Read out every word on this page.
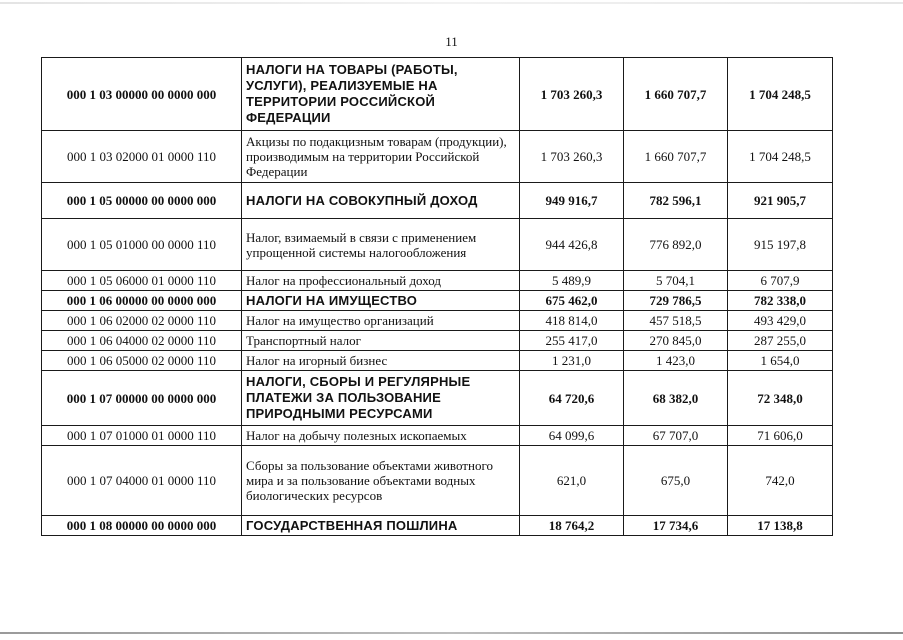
11
000 1 03 00000 00 0000 000	НАЛОГИ НА ТОВАРЫ (РАБОТЫ, УСЛУГИ), РЕАЛИЗУЕМЫЕ НА ТЕРРИТОРИИ РОССИЙСКОЙ ФЕДЕРАЦИИ	1 703 260,3	1 660 707,7	1 704 248,5
000 1 03 02000 01 0000 110	Акцизы по подакцизным товарам (продукции), производимым на территории Российской Федерации	1 703 260,3	1 660 707,7	1 704 248,5
000 1 05 00000 00 0000 000	НАЛОГИ НА СОВОКУПНЫЙ ДОХОД	949 916,7	782 596,1	921 905,7
000 1 05 01000 00 0000 110	Налог, взимаемый в связи с применением упрощенной системы налогообложения	944 426,8	776 892,0	915 197,8
000 1 05 06000 01 0000 110	Налог на профессиональный доход	5 489,9	5 704,1	6 707,9
000 1 06 00000 00 0000 000	НАЛОГИ НА ИМУЩЕСТВО	675 462,0	729 786,5	782 338,0
000 1 06 02000 02 0000 110	Налог на имущество организаций	418 814,0	457 518,5	493 429,0
000 1 06 04000 02 0000 110	Транспортный налог	255 417,0	270 845,0	287 255,0
000 1 06 05000 02 0000 110	Налог на игорный бизнес	1 231,0	1 423,0	1 654,0
000 1 07 00000 00 0000 000	НАЛОГИ, СБОРЫ И РЕГУЛЯРНЫЕ ПЛАТЕЖИ ЗА ПОЛЬЗОВАНИЕ ПРИРОДНЫМИ РЕСУРСАМИ	64 720,6	68 382,0	72 348,0
000 1 07 01000 01 0000 110	Налог на добычу полезных ископаемых	64 099,6	67 707,0	71 606,0
000 1 07 04000 01 0000 110	Сборы за пользование объектами животного мира и за пользование объектами водных биологических ресурсов	621,0	675,0	742,0
000 1 08 00000 00 0000 000	ГОСУДАРСТВЕННАЯ ПОШЛИНА	18 764,2	17 734,6	17 138,8
